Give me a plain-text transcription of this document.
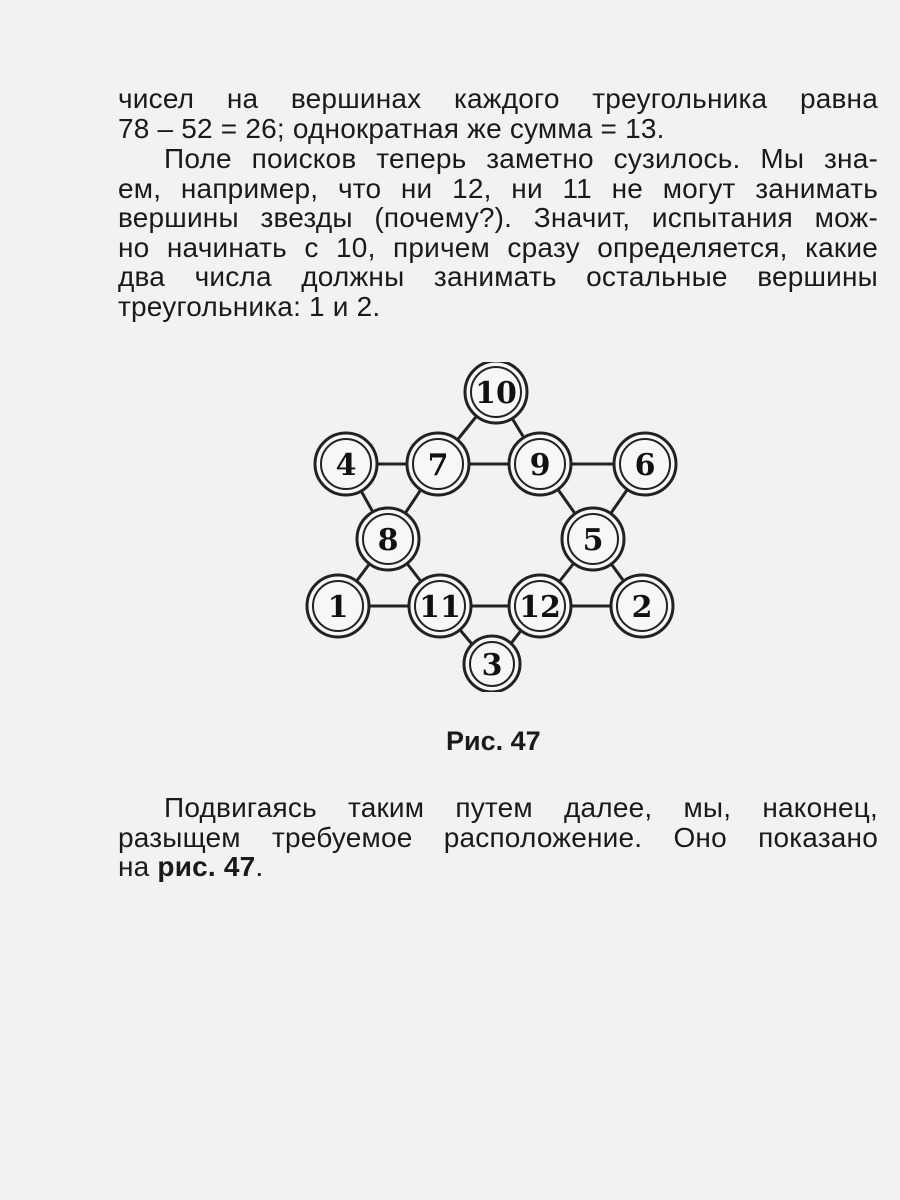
чисел на вершинах каждого треугольника равна
78 – 52 = 26; однократная же сумма = 13.
Поле поисков теперь заметно сузилось. Мы зна-
ем, например, что ни 12, ни 11 не могут занимать
вершины звезды (почему?). Значит, испытания мож-
но начинать с 10, причем сразу определяется, какие
два числа должны занимать остальные вершины
треугольника: 1 и 2.
10
4 7	9	6
8	5
1 11 12 2
3
Рис. 47
Подвигаясь таким путем далее, мы, наконец,
разыщем требуемое расположение. Оно показано
на рис. 47.
